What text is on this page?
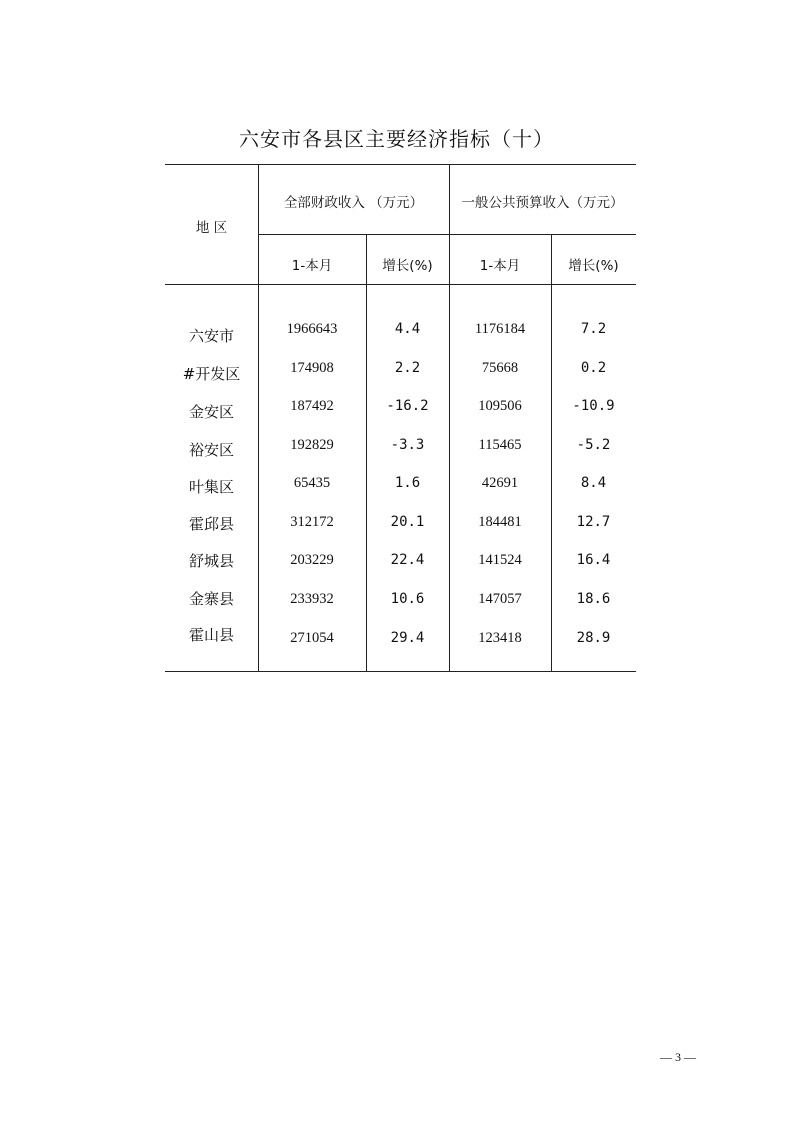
六安市各县区主要经济指标（十）
地 区
全部财政收入 （万元）	一般公共预算收入（万元）
1-本月	增长(%)	1-本月	增长(%)
六安市	1966643	4.4	1176184	7.2
#开发区	174908	2.2	75668	0.2
金安区	187492	-16.2	109506	-10.9
裕安区	192829	-3.3	115465	-5.2
叶集区	65435	1.6	42691	8.4
霍邱县	312172	20.1	184481	12.7
舒城县	203229	22.4	141524	16.4
金寨县	233932	10.6	147057	18.6
霍山县	271054	29.4	123418	28.9
— 3 —
